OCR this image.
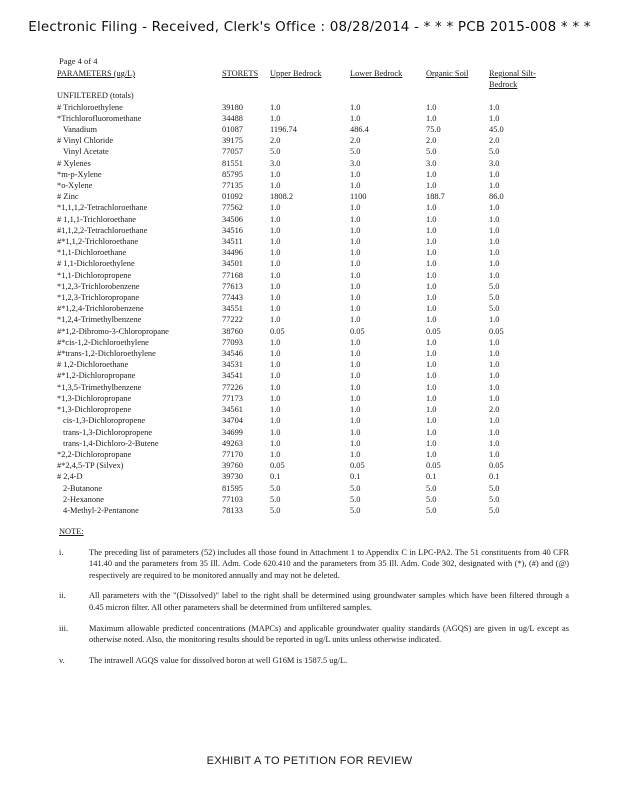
Electronic Filing - Received, Clerk's Office : 08/28/2014 - * * * PCB 2015-008 * * *
Page 4 of 4
PARAMETERS (ug/L)	STORETS	Upper Bedrock	Lower Bedrock	Organic Soil	Regional Silt-Bedrock
UNFILTERED (totals)					
# Trichloroethylene	39180	1.0	1.0	1.0	1.0
*Trichlorofluoromethane	34488	1.0	1.0	1.0	1.0
Vanadium	01087	1196.74	486.4	75.0	45.0
# Vinyl Chloride	39175	2.0	2.0	2.0	2.0
Vinyl Acetate	77057	5.0	5.0	5.0	5.0
# Xylenes	81551	3.0	3.0	3.0	3.0
*m-p-Xylene	85795	1.0	1.0	1.0	1.0
*o-Xylene	77135	1.0	1.0	1.0	1.0
# Zinc	01092	1808.2	1100	188.7	86.0
*1,1,1,2-Tetrachloroethane	77562	1.0	1.0	1.0	1.0
# 1,1,1-Trichloroethane	34506	1.0	1.0	1.0	1.0
#1,1,2,2-Tetrachloroethane	34516	1.0	1.0	1.0	1.0
#*1,1,2-Trichloroethane	34511	1.0	1.0	1.0	1.0
*1,1-Dichloroethane	34496	1.0	1.0	1.0	1.0
# 1,1-Dichloroethylene	34501	1.0	1.0	1.0	1.0
*1,1-Dichloropropene	77168	1.0	1.0	1.0	1.0
*1,2,3-Trichlorobenzene	77613	1.0	1.0	1.0	5.0
*1,2,3-Trichloropropane	77443	1.0	1.0	1.0	5.0
#*1,2,4-Trichlorobenzene	34551	1.0	1.0	1.0	5.0
*1,2,4-Trimethylbenzene	77222	1.0	1.0	1.0	1.0
#*1,2-Dibromo-3-Chloropropane	38760	0.05	0.05	0.05	0.05
#*cis-1,2-Dichloroethylene	77093	1.0	1.0	1.0	1.0
#*trans-1,2-Dichloroethylene	34546	1.0	1.0	1.0	1.0
# 1,2-Dichloroethane	34531	1.0	1.0	1.0	1.0
#*1,2-Dichloropropane	34541	1.0	1.0	1.0	1.0
*1,3,5-Trimethylbenzene	77226	1.0	1.0	1.0	1.0
*1,3-Dichloropropane	77173	1.0	1.0	1.0	1.0
*1,3-Dichloropropene	34561	1.0	1.0	1.0	2.0
cis-1,3-Dichloropropene	34704	1.0	1.0	1.0	1.0
trans-1,3-Dichloropropene	34699	1.0	1.0	1.0	1.0
trans-1,4-Dichloro-2-Butene	49263	1.0	1.0	1.0	1.0
*2,2-Dichloropropane	77170	1.0	1.0	1.0	1.0
#*2,4,5-TP (Silvex)	39760	0.05	0.05	0.05	0.05
# 2,4-D	39730	0.1	0.1	0.1	0.1
2-Butanone	81595	5.0	5.0	5.0	5.0
2-Hexanone	77103	5.0	5.0	5.0	5.0
4-Methyl-2-Pentanone	78133	5.0	5.0	5.0	5.0
NOTE:
i.	The preceding list of parameters (52) includes all those found in Attachment 1 to Appendix C in LPC-PA2. The 51 constituents from 40 CFR 141.40 and the parameters from 35 Ill. Adm. Code 620.410 and the parameters from 35 Ill. Adm. Code 302, designated with (*), (#) and (@) respectively are required to be monitored annually and may not be deleted.
ii.	All parameters with the "(Dissolved)" label to the right shall be determined using groundwater samples which have been filtered through a 0.45 micron filter. All other parameters shall be determined from unfiltered samples.
iii.	Maximum allowable predicted concentrations (MAPCs) and applicable groundwater quality standards (AGQS) are given in ug/L except as otherwise noted. Also, the monitoring results should be reported in ug/L units unless otherwise indicated.
v.	The intrawell AGQS value for dissolved boron at well G16M is 1587.5 ug/L.
EXHIBIT A TO PETITION FOR REVIEW
